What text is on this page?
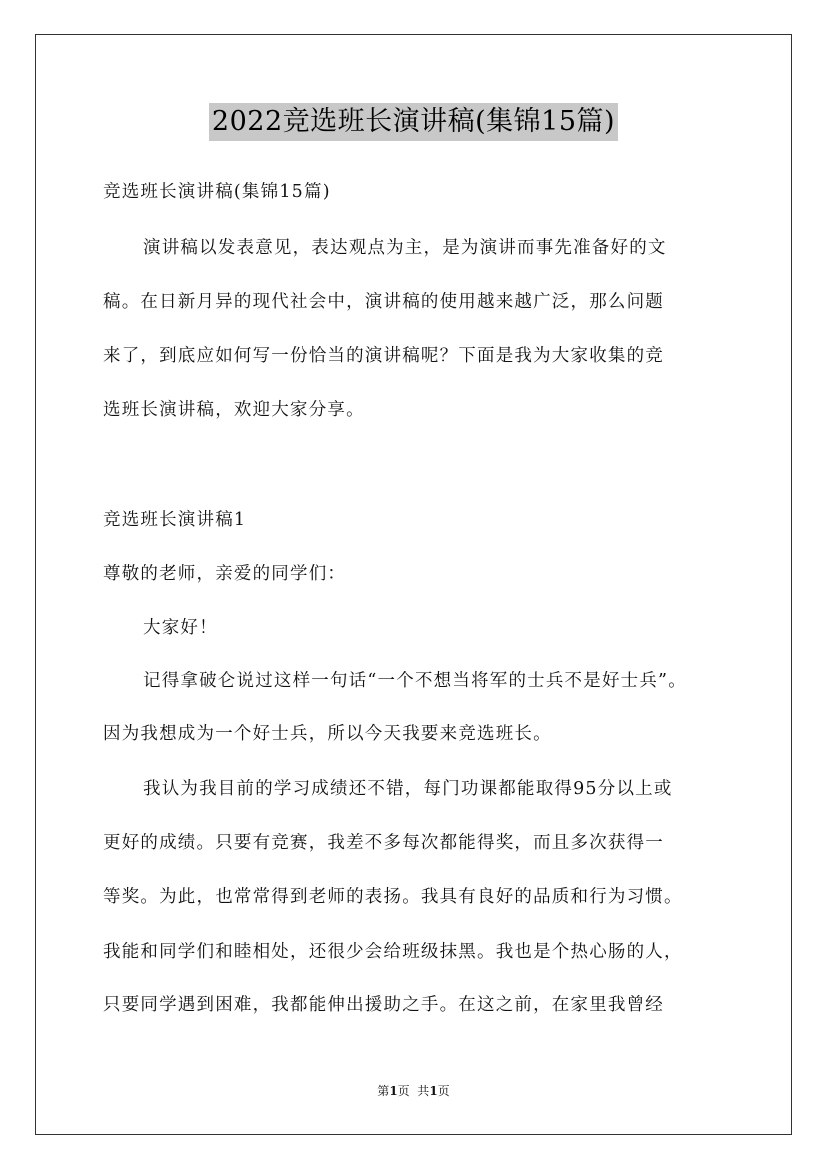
2022竞选班长演讲稿(集锦15篇)
竞选班长演讲稿(集锦15篇)
演讲稿以发表意见，表达观点为主，是为演讲而事先准备好的文
稿。在日新月异的现代社会中，演讲稿的使用越来越广泛，那么问题
来了，到底应如何写一份恰当的演讲稿呢？下面是我为大家收集的竞
选班长演讲稿，欢迎大家分享。
竞选班长演讲稿1
尊敬的老师，亲爱的同学们：
大家好！
记得拿破仑说过这样一句话“一个不想当将军的士兵不是好士兵”。
因为我想成为一个好士兵，所以今天我要来竞选班长。
我认为我目前的学习成绩还不错，每门功课都能取得95分以上或
更好的成绩。只要有竞赛，我差不多每次都能得奖，而且多次获得一
等奖。为此，也常常得到老师的表扬。我具有良好的品质和行为习惯。
我能和同学们和睦相处，还很少会给班级抹黑。我也是个热心肠的人，
只要同学遇到困难，我都能伸出援助之手。在这之前，在家里我曾经
第1页  共1页
